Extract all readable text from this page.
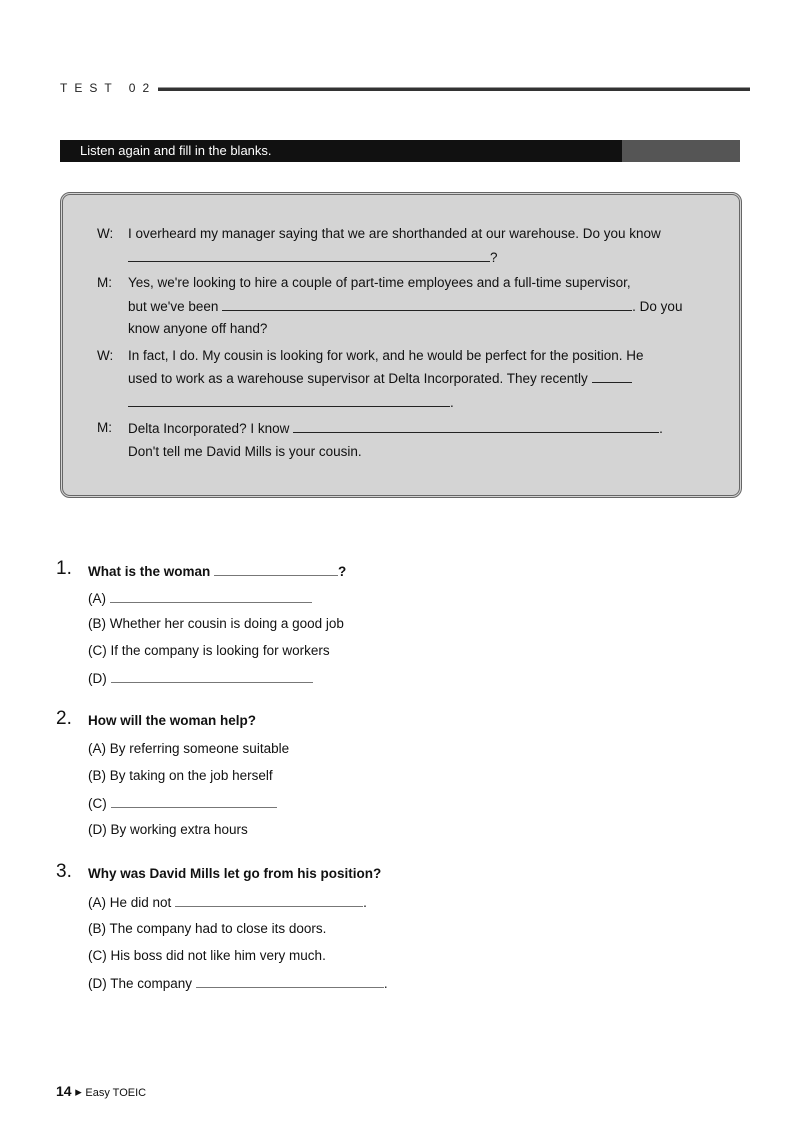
TEST 02
Listen again and fill in the blanks.
W: I overheard my manager saying that we are shorthanded at our warehouse. Do you know
?
M: Yes, we're looking to hire a couple of part-time employees and a full-time supervisor,
but we've been	. Do you
know anyone off hand?
W: In fact, I do. My cousin is looking for work, and he would be perfect for the position. He
used to work as a warehouse supervisor at Delta Incorporated. They recently
.
M: Delta Incorporated? I know	.
Don't tell me David Mills is your cousin.
1. What is the woman	?
(A)
(B) Whether her cousin is doing a good job
(C) If the company is looking for workers
(D)
2. How will the woman help?
(A) By referring someone suitable
(B) By taking on the job herself
(C)
(D) By working extra hours
3. Why was David Mills let go from his position?
(A) He did not	.
(B) The company had to close its doors.
(C) His boss did not like him very much.
(D) The company	.
14 ▸ Easy TOEIC
